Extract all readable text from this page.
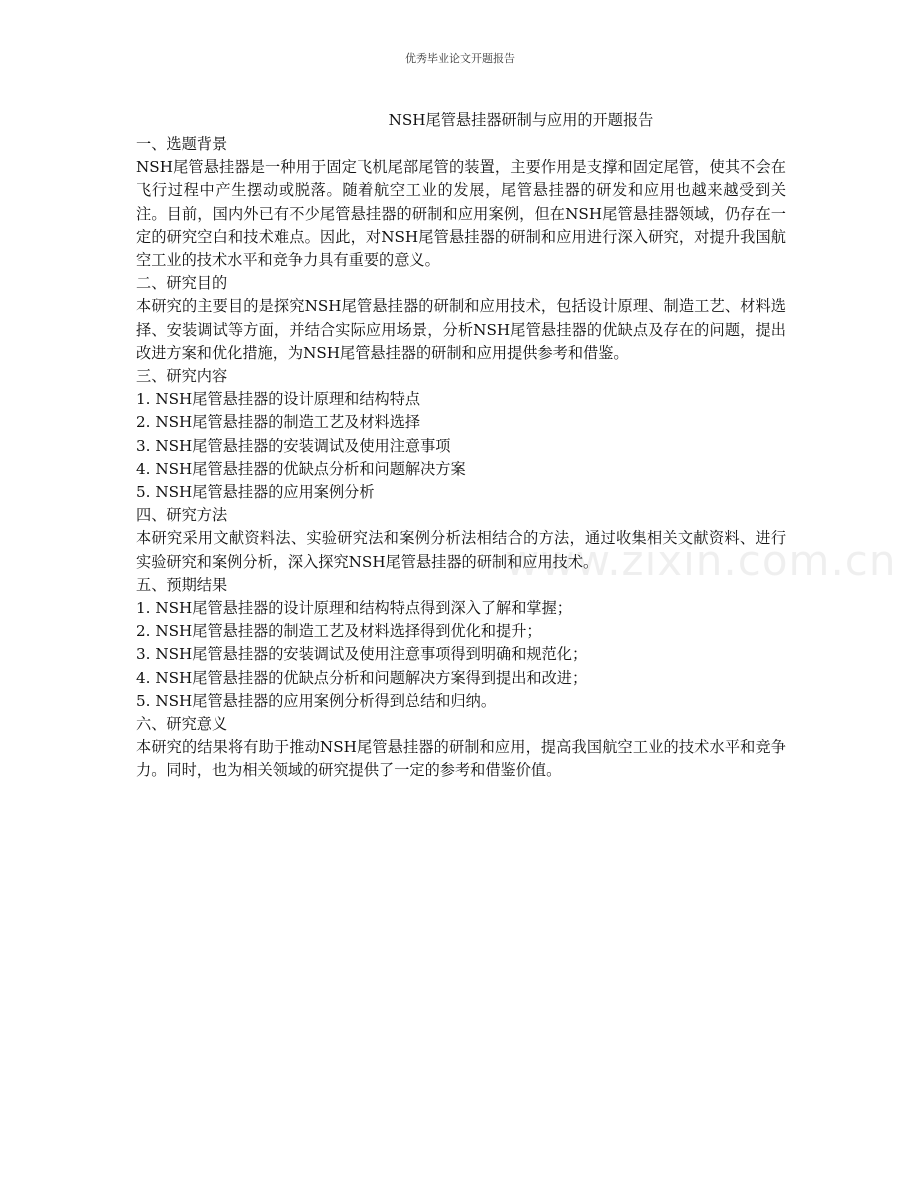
优秀毕业论文开题报告
www.zixin.com.cn
NSH尾管悬挂器研制与应用的开题报告

一、选题背景

NSH尾管悬挂器是一种用于固定飞机尾部尾管的装置，主要作用是支撑和固定尾管，使其不会在飞行过程中产生摆动或脱落。随着航空工业的发展，尾管悬挂器的研发和应用也越来越受到关注。目前，国内外已有不少尾管悬挂器的研制和应用案例，但在NSH尾管悬挂器领域，仍存在一定的研究空白和技术难点。因此，对NSH尾管悬挂器的研制和应用进行深入研究，对提升我国航空工业的技术水平和竞争力具有重要的意义。

二、研究目的

本研究的主要目的是探究NSH尾管悬挂器的研制和应用技术，包括设计原理、制造工艺、材料选择、安装调试等方面，并结合实际应用场景，分析NSH尾管悬挂器的优缺点及存在的问题，提出改进方案和优化措施，为NSH尾管悬挂器的研制和应用提供参考和借鉴。

三、研究内容

1. NSH尾管悬挂器的设计原理和结构特点

2. NSH尾管悬挂器的制造工艺及材料选择

3. NSH尾管悬挂器的安装调试及使用注意事项

4. NSH尾管悬挂器的优缺点分析和问题解决方案

5. NSH尾管悬挂器的应用案例分析

四、研究方法

本研究采用文献资料法、实验研究法和案例分析法相结合的方法，通过收集相关文献资料、进行实验研究和案例分析，深入探究NSH尾管悬挂器的研制和应用技术。

五、预期结果

1. NSH尾管悬挂器的设计原理和结构特点得到深入了解和掌握；

2. NSH尾管悬挂器的制造工艺及材料选择得到优化和提升；

3. NSH尾管悬挂器的安装调试及使用注意事项得到明确和规范化；

4. NSH尾管悬挂器的优缺点分析和问题解决方案得到提出和改进；

5. NSH尾管悬挂器的应用案例分析得到总结和归纳。

六、研究意义

本研究的结果将有助于推动NSH尾管悬挂器的研制和应用，提高我国航空工业的技术水平和竞争力。同时，也为相关领域的研究提供了一定的参考和借鉴价值。
